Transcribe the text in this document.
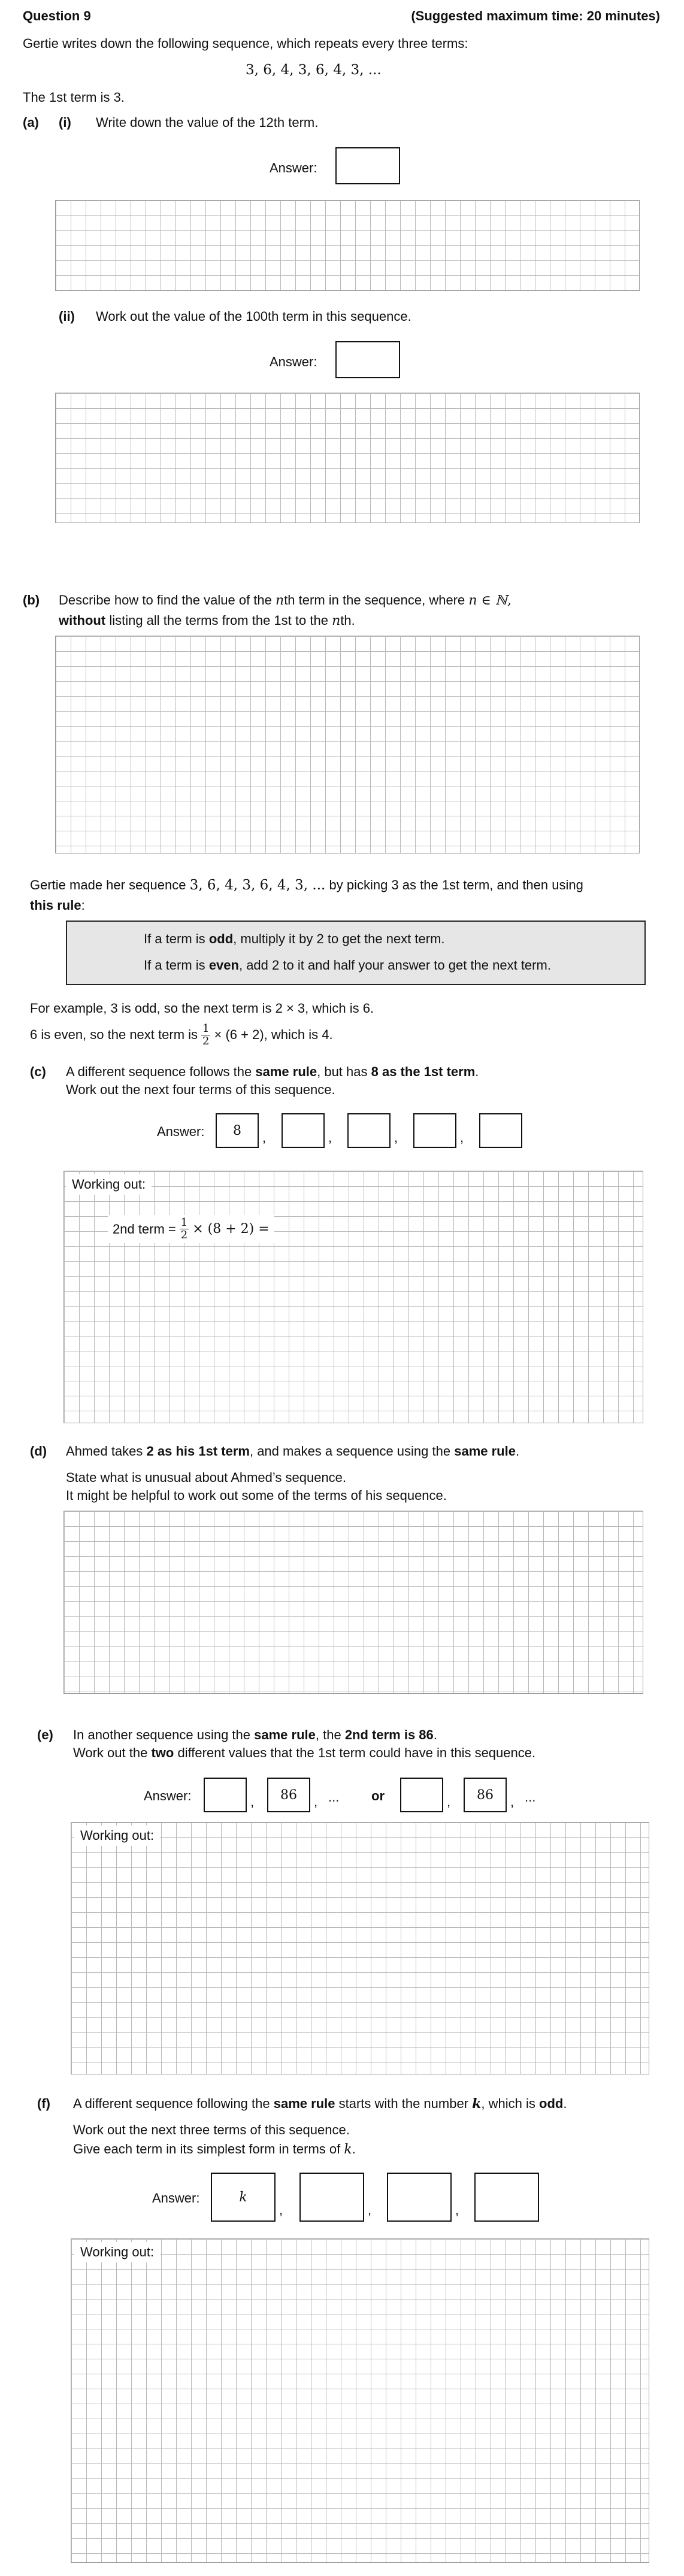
Question 9	(Suggested maximum time: 20 minutes)
Gertie writes down the following sequence, which repeats every three terms:
3, 6, 4, 3, 6, 4, 3, ...
The 1st term is 3.
(a) (i) Write down the value of the 12th term.
Answer:
(ii) Work out the value of the 100th term in this sequence.
Answer:
(b) Describe how to find the value of the nth term in the sequence, where n ∈ ℕ,
without listing all the terms from the 1st to the nth.
Gertie made her sequence 3, 6, 4, 3, 6, 4, 3, ... by picking 3 as the 1st term, and then using
this rule:
If a term is odd, multiply it by 2 to get the next term.
If a term is even, add 2 to it and half your answer to get the next term.
For example, 3 is odd, so the next term is 2 × 3, which is 6.
6 is even, so the next term is $\frac{1}{2} \times (6 + 2)$, which is 4.
(c) A different sequence follows the same rule, but has 8 as the 1st term.
Work out the next four terms of this sequence.
Answer:	8	,	,	,	,
Working out:
2nd term = $\frac{1}{2} \times (8 + 2)$ =
(d) Ahmed takes 2 as his 1st term, and makes a sequence using the same rule.
State what is unusual about Ahmed’s sequence.
It might be helpful to work out some of the terms of his sequence.
(e) In another sequence using the same rule, the 2nd term is 86.
Work out the two different values that the 1st term could have in this sequence.
Answer:	,	86	, ... or	,	86	, ...
Working out:
(f) A different sequence following the same rule starts with the number k, which is odd.
Work out the next three terms of this sequence.
Give each term in its simplest form in terms of k.
Answer:	k
,	,	,
Working out:
